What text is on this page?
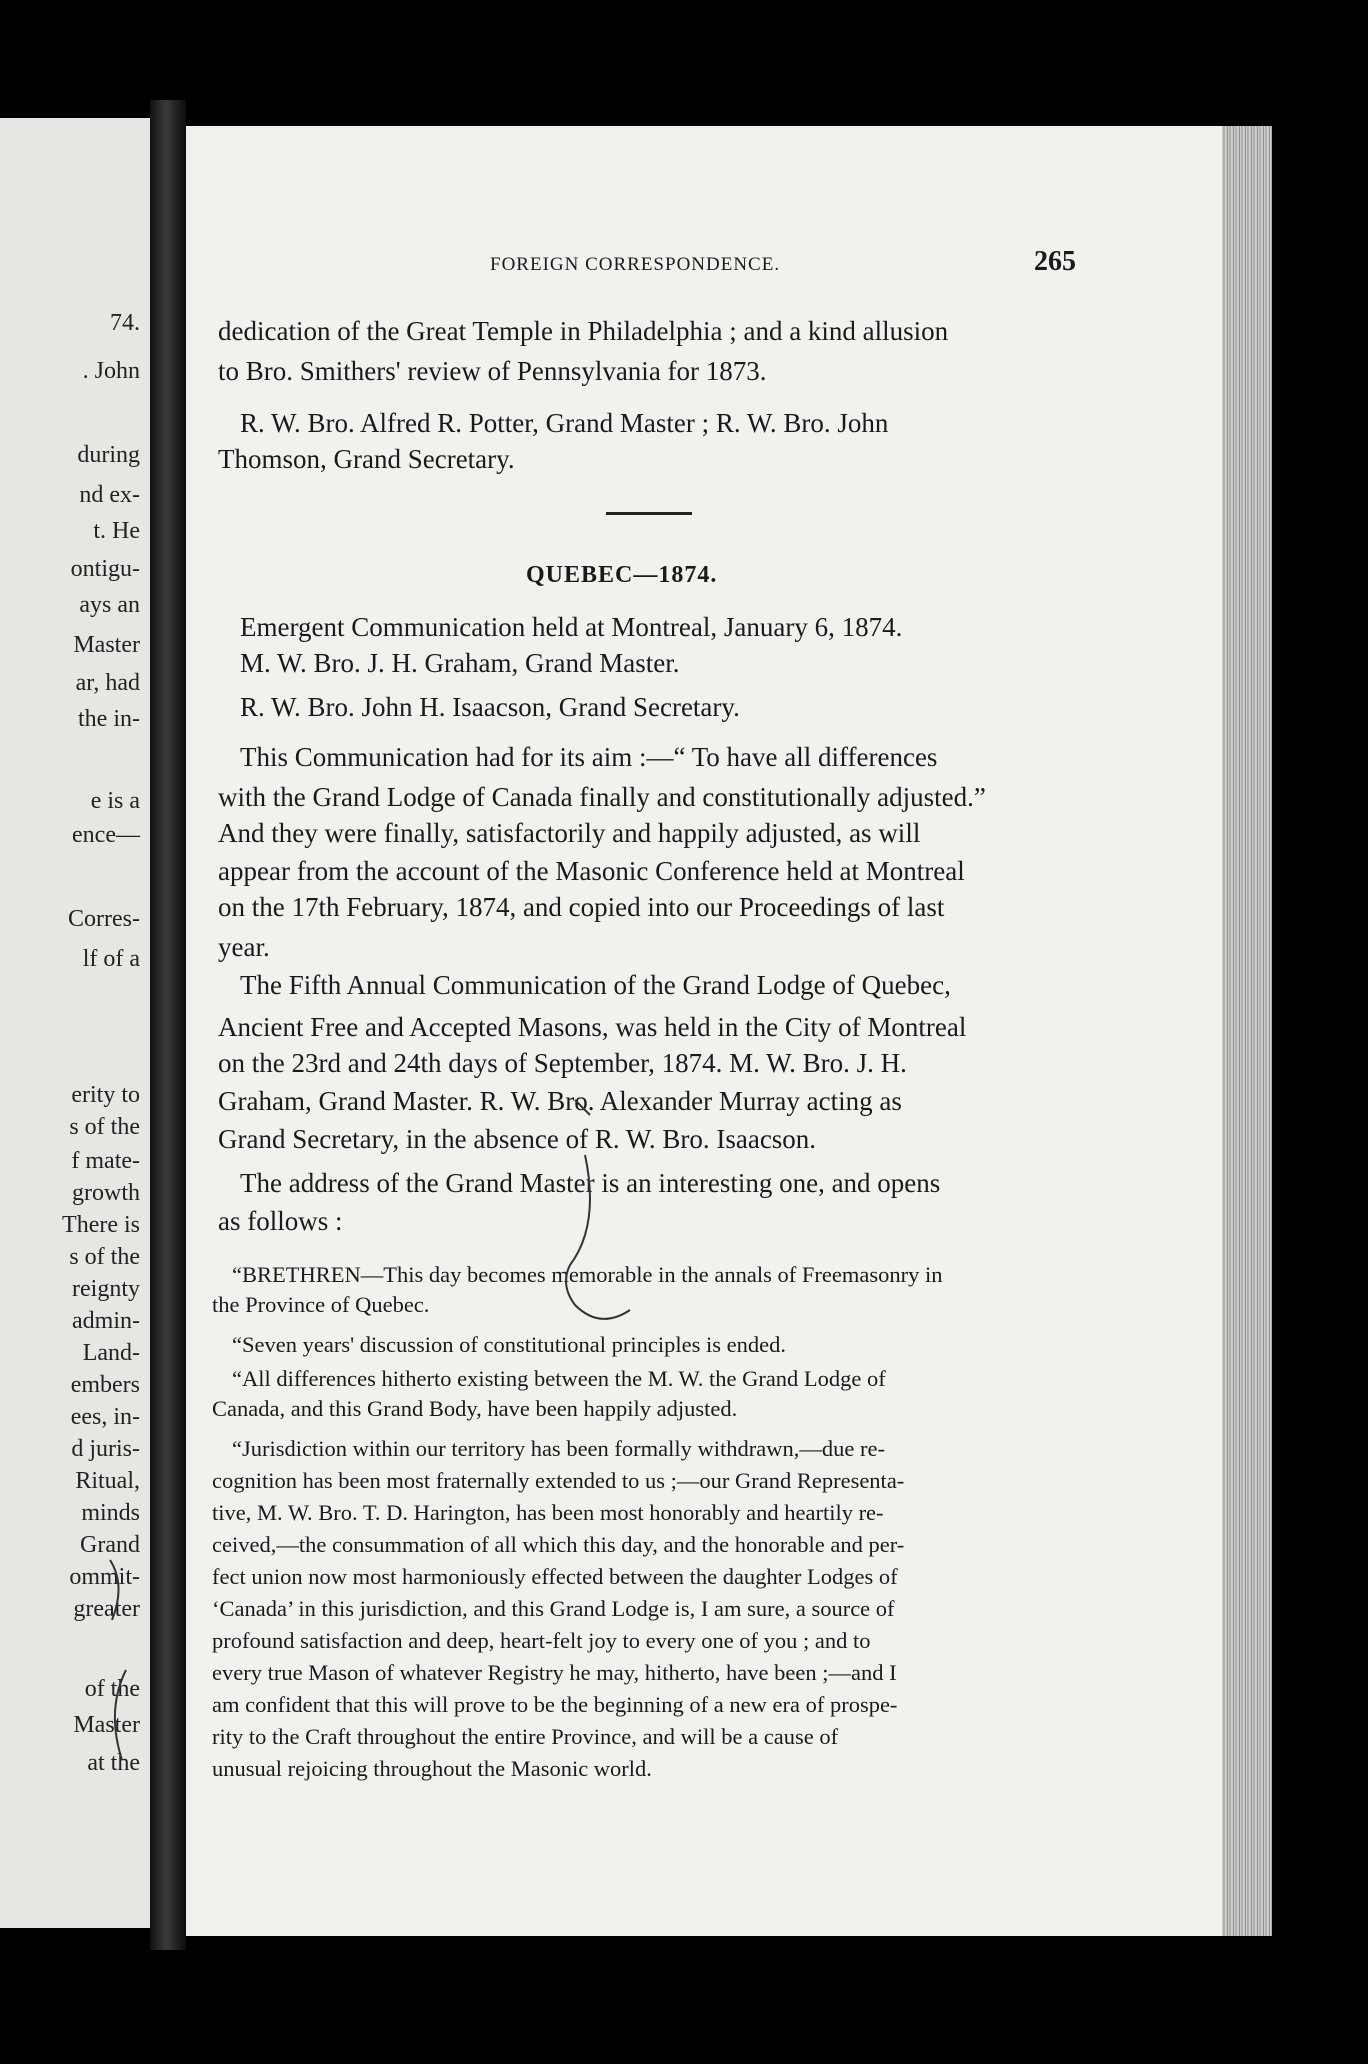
74.
. John
during
nd ex-
t. He
ontigu-
ays an
Master
ar, had
the in-
e is a
ence—
Corres-
lf of a
erity to
s of the
f mate-
growth
There is
s of the
reignty
admin-
Land-
embers
ees, in-
d juris-
Ritual,
minds
Grand
ommit-
greater
of the
Master
at the
FOREIGN CORRESPONDENCE.	265
dedication of the Great Temple in Philadelphia ; and a kind allusion
to Bro. Smithers' review of Pennsylvania for 1873.
R. W. Bro. Alfred R. Potter, Grand Master ; R. W. Bro. John
Thomson, Grand Secretary.
QUEBEC—1874.
Emergent Communication held at Montreal, January 6, 1874.
M. W. Bro. J. H. Graham, Grand Master.
R. W. Bro. John H. Isaacson, Grand Secretary.
This Communication had for its aim :—“ To have all differences
with the Grand Lodge of Canada finally and constitutionally adjusted.”
And they were finally, satisfactorily and happily adjusted, as will
appear from the account of the Masonic Conference held at Montreal
on the 17th February, 1874, and copied into our Proceedings of last
year.
The Fifth Annual Communication of the Grand Lodge of Quebec,
Ancient Free and Accepted Masons, was held in the City of Montreal
on the 23rd and 24th days of September, 1874. M. W. Bro. J. H.
Graham, Grand Master. R. W. Bro. Alexander Murray acting as
Grand Secretary, in the absence of R. W. Bro. Isaacson.
The address of the Grand Master is an interesting one, and opens
as follows :
“BRETHREN—This day becomes memorable in the annals of Freemasonry in
the Province of Quebec.
“Seven years' discussion of constitutional principles is ended.
“All differences hitherto existing between the M. W. the Grand Lodge of
Canada, and this Grand Body, have been happily adjusted.
“Jurisdiction within our territory has been formally withdrawn,—due re-
cognition has been most fraternally extended to us ;—our Grand Representa-
tive, M. W. Bro. T. D. Harington, has been most honorably and heartily re-
ceived,—the consummation of all which this day, and the honorable and per-
fect union now most harmoniously effected between the daughter Lodges of
‘Canada’ in this jurisdiction, and this Grand Lodge is, I am sure, a source of
profound satisfaction and deep, heart-felt joy to every one of you ; and to
every true Mason of whatever Registry he may, hitherto, have been ;—and I
am confident that this will prove to be the beginning of a new era of prospe-
rity to the Craft throughout the entire Province, and will be a cause of
unusual rejoicing throughout the Masonic world.
